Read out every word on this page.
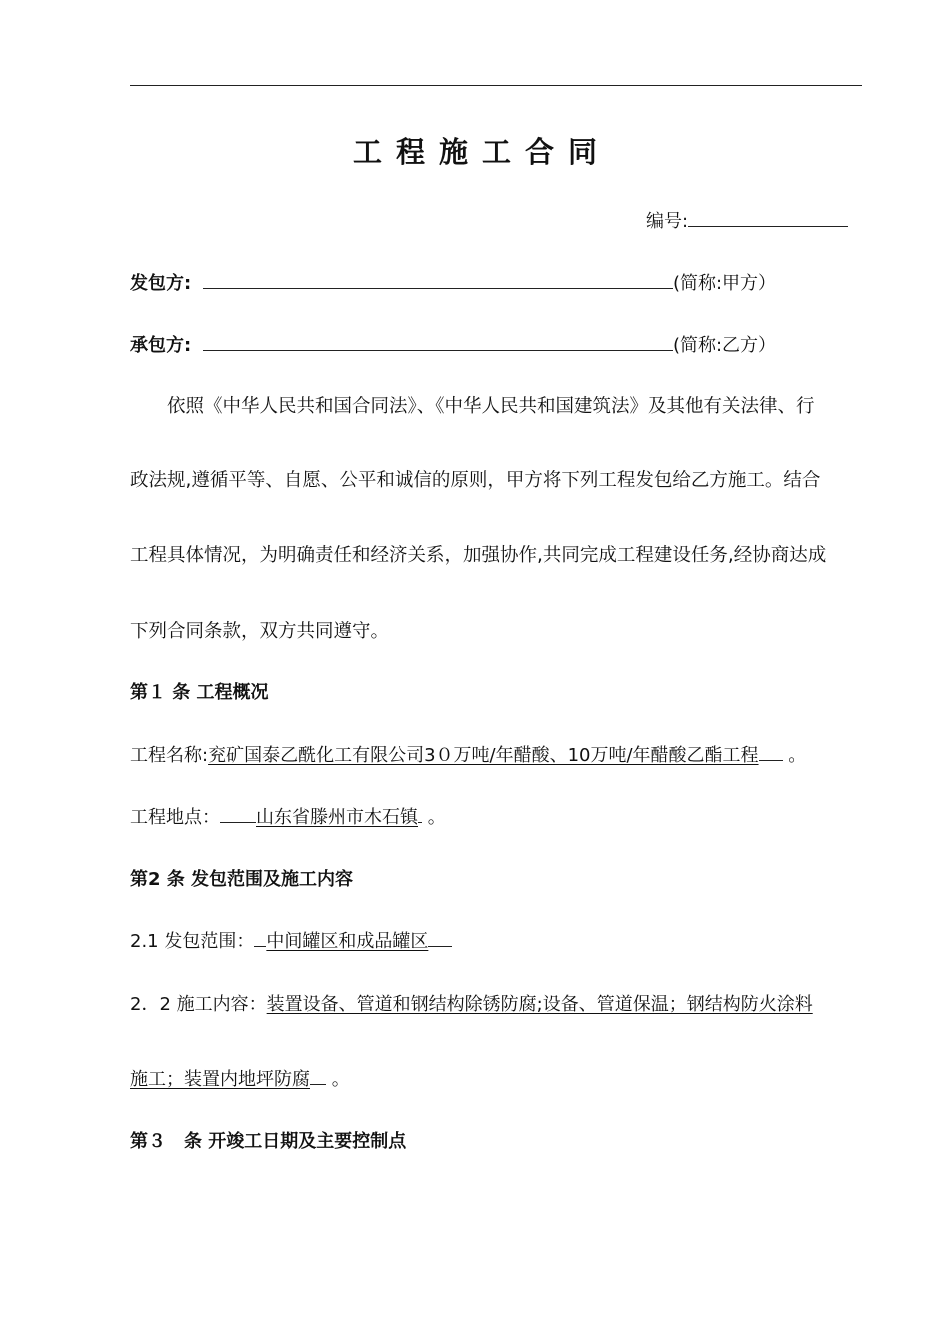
工程施工合同
编号:
发包方:	(简称:甲方）
承包方:	(简称:乙方）
依照《中华人民共和国合同法》、《中华人民共和国建筑法》及其他有关法律、行
政法规,遵循平等、自愿、公平和诚信的原则，甲方将下列工程发包给乙方施工。结合
工程具体情况，为明确责任和经济关系，加强协作,共同完成工程建设任务,经协商达成
下列合同条款，双方共同遵守。
第１ 条 工程概况
工程名称:兖矿国泰乙酰化工有限公司3０万吨/年醋酸、10万吨/年醋酸乙酯工程 。
工程地点： 山东省滕州市木石镇 。
第2 条 发包范围及施工内容
2.1 发包范围： 中间罐区和成品罐区
2．2 施工内容：装置设备、管道和钢结构除锈防腐;设备、管道保温；钢结构防火涂料
施工；装置内地坪防腐 。
第３　条 开竣工日期及主要控制点
